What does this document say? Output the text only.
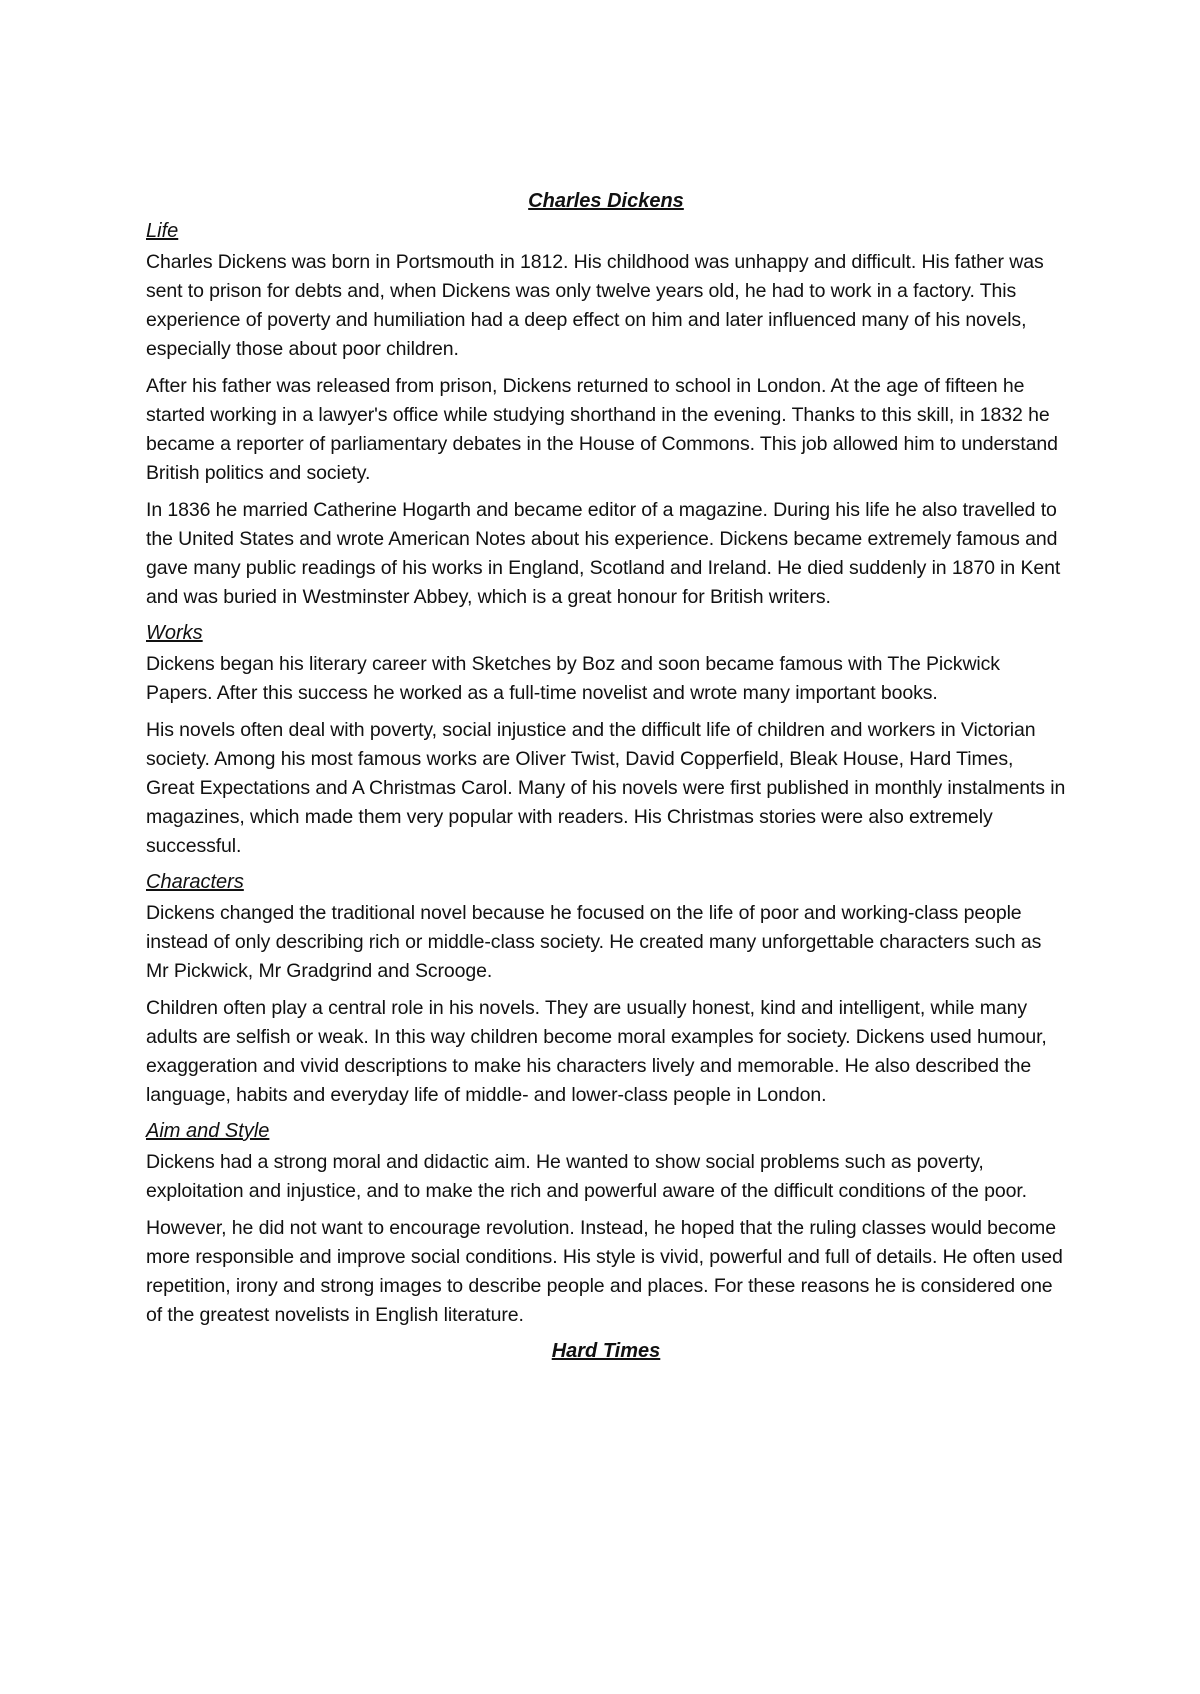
Charles Dickens
Life

Charles Dickens was born in Portsmouth in 1812. His childhood was unhappy and difficult. His father was sent to prison for debts and, when Dickens was only twelve years old, he had to work in a factory. This experience of poverty and humiliation had a deep effect on him and later influenced many of his novels, especially those about poor children.

After his father was released from prison, Dickens returned to school in London. At the age of fifteen he started working in a lawyer's office while studying shorthand in the evening. Thanks to this skill, in 1832 he became a reporter of parliamentary debates in the House of Commons. This job allowed him to understand British politics and society.

In 1836 he married Catherine Hogarth and became editor of a magazine. During his life he also travelled to the United States and wrote American Notes about his experience. Dickens became extremely famous and gave many public readings of his works in England, Scotland and Ireland. He died suddenly in 1870 in Kent and was buried in Westminster Abbey, which is a great honour for British writers.

Works

Dickens began his literary career with Sketches by Boz and soon became famous with The Pickwick Papers. After this success he worked as a full-time novelist and wrote many important books.

His novels often deal with poverty, social injustice and the difficult life of children and workers in Victorian society. Among his most famous works are Oliver Twist, David Copperfield, Bleak House, Hard Times, Great Expectations and A Christmas Carol. Many of his novels were first published in monthly instalments in magazines, which made them very popular with readers. His Christmas stories were also extremely successful.

Characters

Dickens changed the traditional novel because he focused on the life of poor and working-class people instead of only describing rich or middle-class society. He created many unforgettable characters such as Mr Pickwick, Mr Gradgrind and Scrooge.

Children often play a central role in his novels. They are usually honest, kind and intelligent, while many adults are selfish or weak. In this way children become moral examples for society. Dickens used humour, exaggeration and vivid descriptions to make his characters lively and memorable. He also described the language, habits and everyday life of middle- and lower-class people in London.

Aim and Style

Dickens had a strong moral and didactic aim. He wanted to show social problems such as poverty, exploitation and injustice, and to make the rich and powerful aware of the difficult conditions of the poor.

However, he did not want to encourage revolution. Instead, he hoped that the ruling classes would become more responsible and improve social conditions. His style is vivid, powerful and full of details. He often used repetition, irony and strong images to describe people and places. For these reasons he is considered one of the greatest novelists in English literature.

Hard Times
